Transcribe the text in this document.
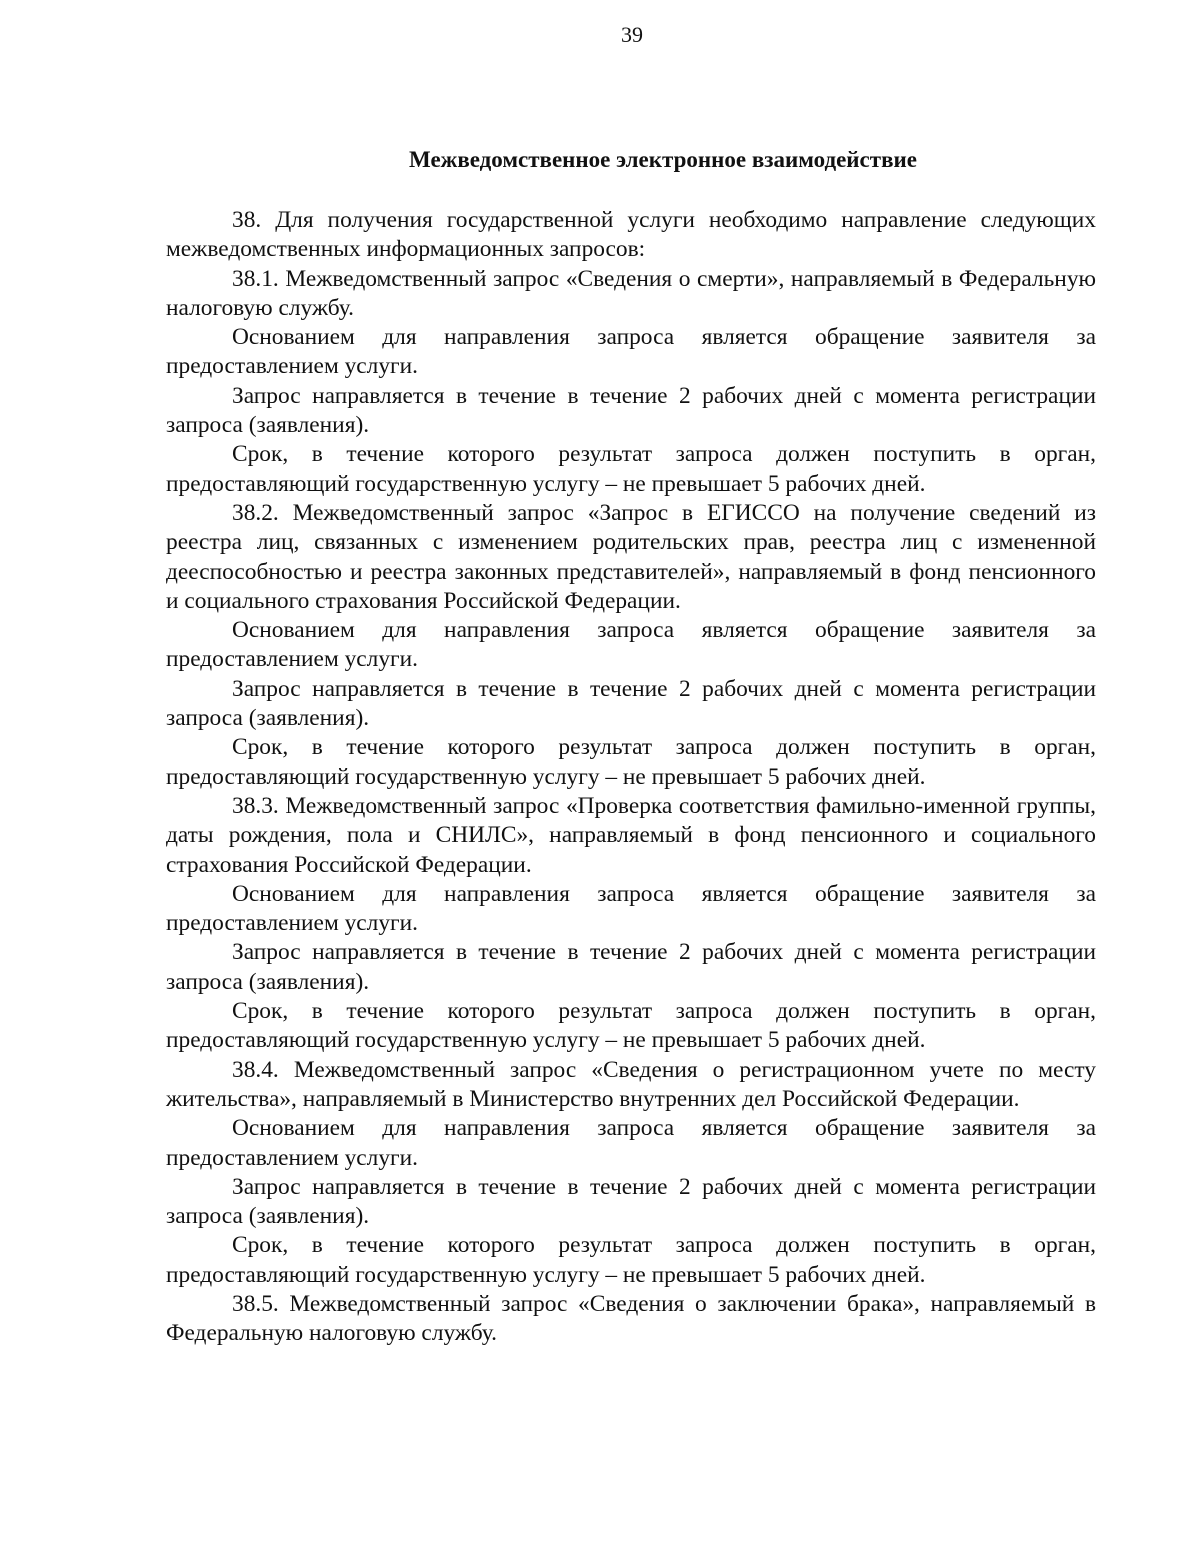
39
Межведомственное электронное взаимодействие

38. Для получения государственной услуги необходимо направление следующих межведомственных информационных запросов:

38.1. Межведомственный запрос «Сведения о смерти», направляемый в Федеральную налоговую службу.

Основанием для направления запроса является обращение заявителя за предоставлением услуги.

Запрос направляется в течение в течение 2 рабочих дней с момента регистрации запроса (заявления).

Срок, в течение которого результат запроса должен поступить в орган, предоставляющий государственную услугу – не превышает 5 рабочих дней.

38.2. Межведомственный запрос «Запрос в ЕГИССО на получение сведений из реестра лиц, связанных с изменением родительских прав, реестра лиц с измененной дееспособностью и реестра законных представителей», направляемый в фонд пенсионного и социального страхования Российской Федерации.

Основанием для направления запроса является обращение заявителя за предоставлением услуги.

Запрос направляется в течение в течение 2 рабочих дней с момента регистрации запроса (заявления).

Срок, в течение которого результат запроса должен поступить в орган, предоставляющий государственную услугу – не превышает 5 рабочих дней.

38.3. Межведомственный запрос «Проверка соответствия фамильно-именной группы, даты рождения, пола и СНИЛС», направляемый в фонд пенсионного и социального страхования Российской Федерации.

Основанием для направления запроса является обращение заявителя за предоставлением услуги.

Запрос направляется в течение в течение 2 рабочих дней с момента регистрации запроса (заявления).

Срок, в течение которого результат запроса должен поступить в орган, предоставляющий государственную услугу – не превышает 5 рабочих дней.

38.4. Межведомственный запрос «Сведения о регистрационном учете по месту жительства», направляемый в Министерство внутренних дел Российской Федерации.

Основанием для направления запроса является обращение заявителя за предоставлением услуги.

Запрос направляется в течение в течение 2 рабочих дней с момента регистрации запроса (заявления).

Срок, в течение которого результат запроса должен поступить в орган, предоставляющий государственную услугу – не превышает 5 рабочих дней.

38.5. Межведомственный запрос «Сведения о заключении брака», направляемый в Федеральную налоговую службу.
